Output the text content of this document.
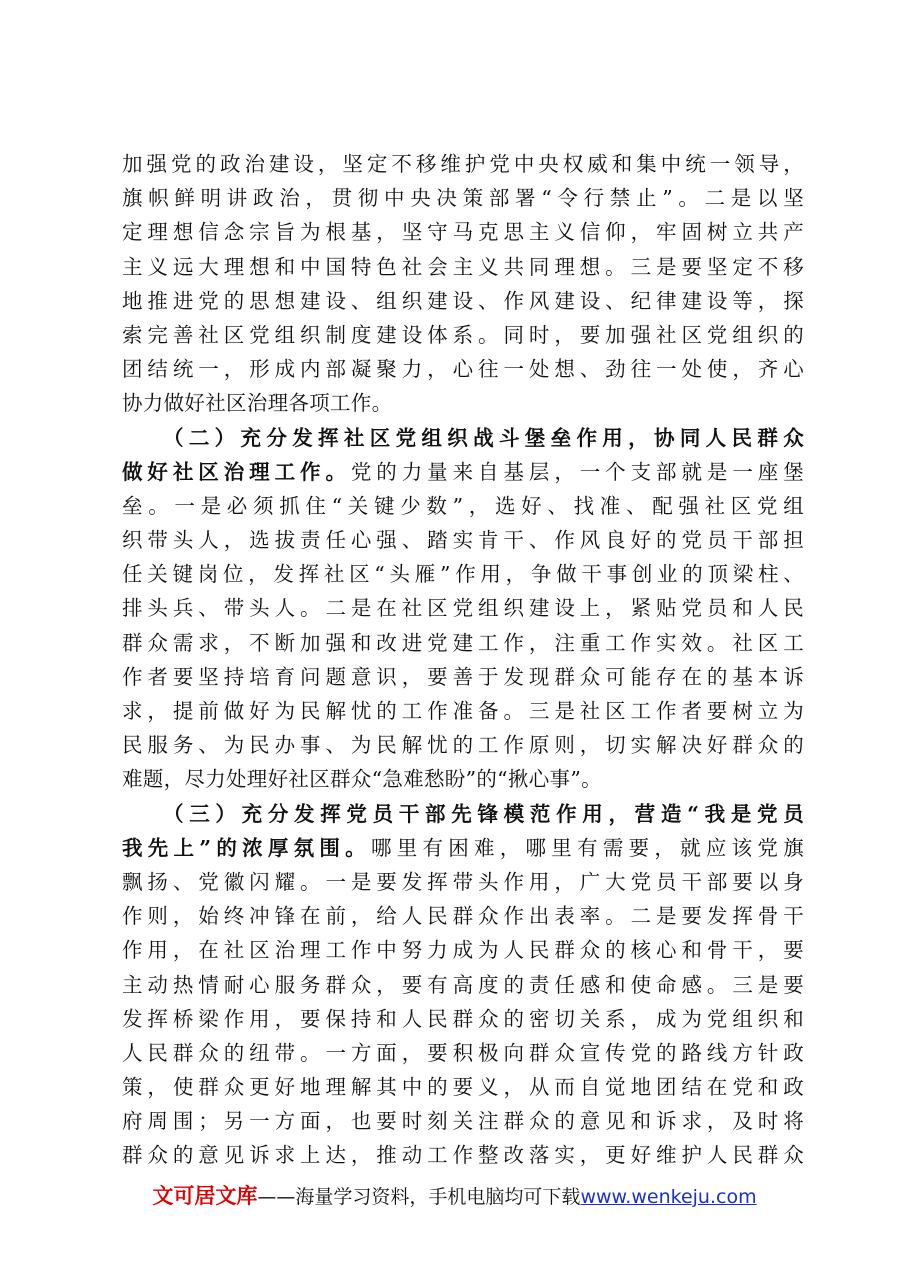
加强党的政治建设，坚定不移维护党中央权威和集中统一领导，
旗帜鲜明讲政治，贯彻中央决策部署“令行禁止”。二是以坚
定理想信念宗旨为根基，坚守马克思主义信仰，牢固树立共产
主义远大理想和中国特色社会主义共同理想。三是要坚定不移
地推进党的思想建设、组织建设、作风建设、纪律建设等，探
索完善社区党组织制度建设体系。同时，要加强社区党组织的
团结统一，形成内部凝聚力，心往一处想、劲往一处使，齐心
协力做好社区治理各项工作。
（二）充分发挥社区党组织战斗堡垒作用，协同人民群众
做好社区治理工作。党的力量来自基层，一个支部就是一座堡
垒。一是必须抓住“关键少数”，选好、找准、配强社区党组
织带头人，选拔责任心强、踏实肯干、作风良好的党员干部担
任关键岗位，发挥社区“头雁”作用，争做干事创业的顶梁柱、
排头兵、带头人。二是在社区党组织建设上，紧贴党员和人民
群众需求，不断加强和改进党建工作，注重工作实效。社区工
作者要坚持培育问题意识，要善于发现群众可能存在的基本诉
求，提前做好为民解忧的工作准备。三是社区工作者要树立为
民服务、为民办事、为民解忧的工作原则，切实解决好群众的
难题，尽力处理好社区群众“急难愁盼”的“揪心事”。
（三）充分发挥党员干部先锋模范作用，营造“我是党员
我先上”的浓厚氛围。哪里有困难，哪里有需要，就应该党旗
飘扬、党徽闪耀。一是要发挥带头作用，广大党员干部要以身
作则，始终冲锋在前，给人民群众作出表率。二是要发挥骨干
作用，在社区治理工作中努力成为人民群众的核心和骨干，要
主动热情耐心服务群众，要有高度的责任感和使命感。三是要
发挥桥梁作用，要保持和人民群众的密切关系，成为党组织和
人民群众的纽带。一方面，要积极向群众宣传党的路线方针政
策，使群众更好地理解其中的要义，从而自觉地团结在党和政
府周围；另一方面，也要时刻关注群众的意见和诉求，及时将
群众的意见诉求上达，推动工作整改落实，更好维护人民群众
文可居文库——海量学习资料，手机电脑均可下载www.wenkeju.com
